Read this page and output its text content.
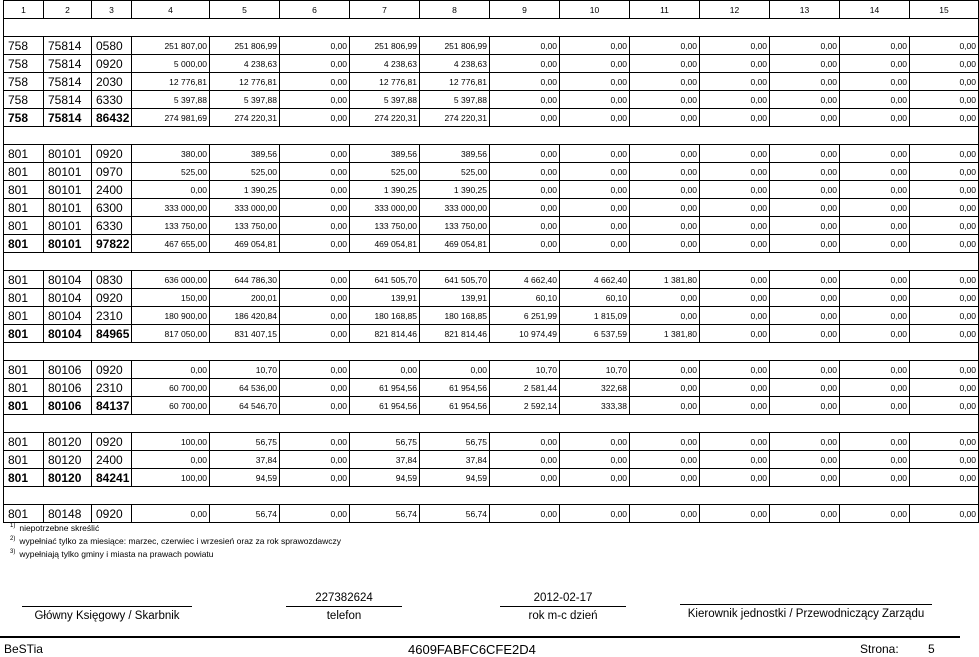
1	2	3	4	5	6	7	8	9	10	11	12	13	14	15

758	75814	0580	251 807,00	251 806,99	0,00	251 806,99	251 806,99	0,00	0,00	0,00	0,00	0,00	0,00	0,00
758	75814	0920	5 000,00	4 238,63	0,00	4 238,63	4 238,63	0,00	0,00	0,00	0,00	0,00	0,00	0,00
758	75814	2030	12 776,81	12 776,81	0,00	12 776,81	12 776,81	0,00	0,00	0,00	0,00	0,00	0,00	0,00
758	75814	6330	5 397,88	5 397,88	0,00	5 397,88	5 397,88	0,00	0,00	0,00	0,00	0,00	0,00	0,00
758	75814	86432	274 981,69	274 220,31	0,00	274 220,31	274 220,31	0,00	0,00	0,00	0,00	0,00	0,00	0,00

801	80101	0920	380,00	389,56	0,00	389,56	389,56	0,00	0,00	0,00	0,00	0,00	0,00	0,00
801	80101	0970	525,00	525,00	0,00	525,00	525,00	0,00	0,00	0,00	0,00	0,00	0,00	0,00
801	80101	2400	0,00	1 390,25	0,00	1 390,25	1 390,25	0,00	0,00	0,00	0,00	0,00	0,00	0,00
801	80101	6300	333 000,00	333 000,00	0,00	333 000,00	333 000,00	0,00	0,00	0,00	0,00	0,00	0,00	0,00
801	80101	6330	133 750,00	133 750,00	0,00	133 750,00	133 750,00	0,00	0,00	0,00	0,00	0,00	0,00	0,00
801	80101	97822	467 655,00	469 054,81	0,00	469 054,81	469 054,81	0,00	0,00	0,00	0,00	0,00	0,00	0,00

801	80104	0830	636 000,00	644 786,30	0,00	641 505,70	641 505,70	4 662,40	4 662,40	1 381,80	0,00	0,00	0,00	0,00
801	80104	0920	150,00	200,01	0,00	139,91	139,91	60,10	60,10	0,00	0,00	0,00	0,00	0,00
801	80104	2310	180 900,00	186 420,84	0,00	180 168,85	180 168,85	6 251,99	1 815,09	0,00	0,00	0,00	0,00	0,00
801	80104	84965	817 050,00	831 407,15	0,00	821 814,46	821 814,46	10 974,49	6 537,59	1 381,80	0,00	0,00	0,00	0,00

801	80106	0920	0,00	10,70	0,00	0,00	0,00	10,70	10,70	0,00	0,00	0,00	0,00	0,00
801	80106	2310	60 700,00	64 536,00	0,00	61 954,56	61 954,56	2 581,44	322,68	0,00	0,00	0,00	0,00	0,00
801	80106	84137	60 700,00	64 546,70	0,00	61 954,56	61 954,56	2 592,14	333,38	0,00	0,00	0,00	0,00	0,00

801	80120	0920	100,00	56,75	0,00	56,75	56,75	0,00	0,00	0,00	0,00	0,00	0,00	0,00
801	80120	2400	0,00	37,84	0,00	37,84	37,84	0,00	0,00	0,00	0,00	0,00	0,00	0,00
801	80120	84241	100,00	94,59	0,00	94,59	94,59	0,00	0,00	0,00	0,00	0,00	0,00	0,00

801	80148	0920	0,00	56,74	0,00	56,74	56,74	0,00	0,00	0,00	0,00	0,00	0,00	0,00
$^{1)}$ niepotrzebne skreślić
$^{2)}$ wypełniać tylko za miesiące: marzec, czerwiec i wrzesień oraz za rok sprawozdawczy
$^{3)}$ wypełniają tylko gminy i miasta na prawach powiatu
Główny Księgowy / Skarbnik
227382624
telefon
2012-02-17
rok m-c dzień	Kierownik jednostki / Przewodniczący Zarządu
BeSTia	4609FABFC6CFE2D4	Strona: 5
